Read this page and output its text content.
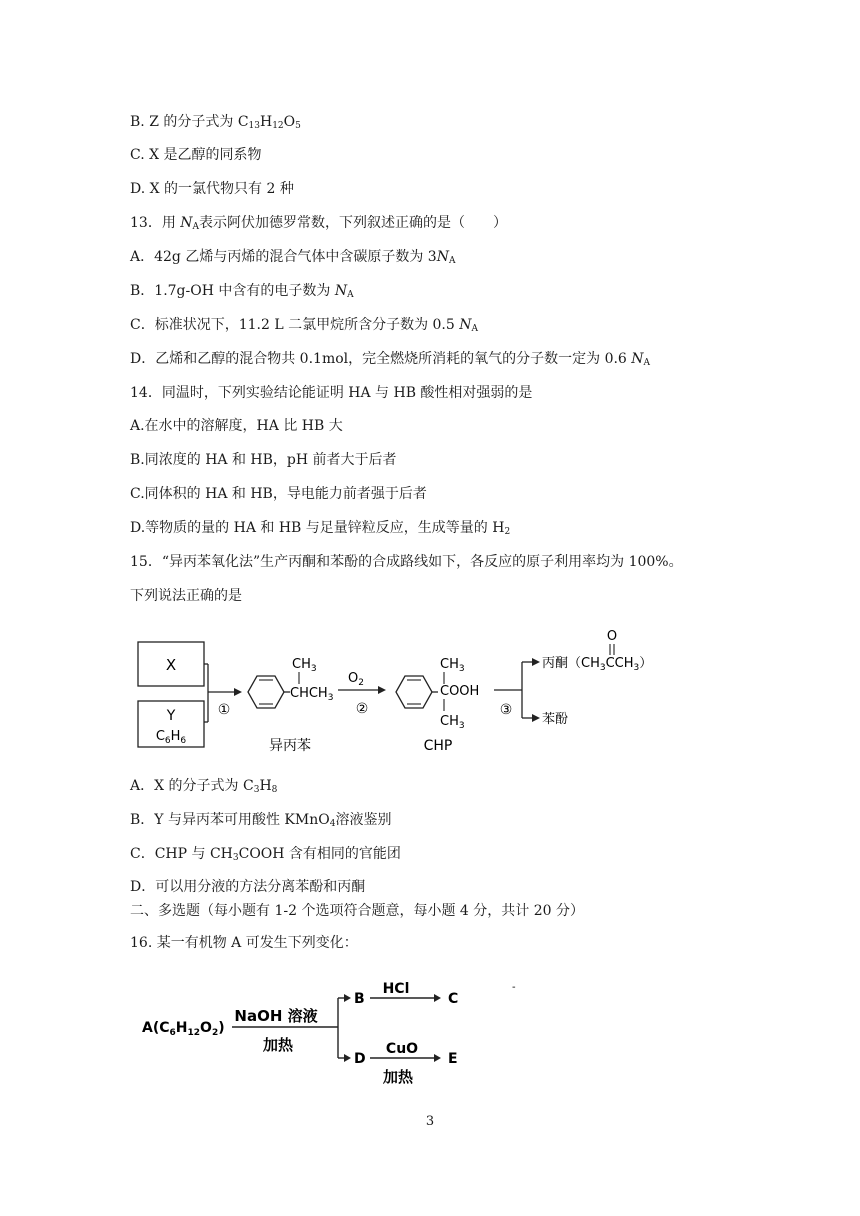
B. Z 的分子式为 $C_{13}H_{12}O_5$
C. X 是乙醇的同系物
D. X 的一氯代物只有 2 种
13．用 $N_A$表示阿伏加德罗常数，下列叙述正确的是（　　）
A．42g 乙烯与丙烯的混合气体中含碳原子数为 $3N_A$
B．1.7g-OH 中含有的电子数为 $N_A$
C．标准状况下，11.2 L 二氯甲烷所含分子数为 0.5 $N_A$
D．乙烯和乙醇的混合物共 0.1mol，完全燃烧所消耗的氧气的分子数一定为 0.6 $N_A$
14．同温时，下列实验结论能证明 HA 与 HB 酸性相对强弱的是
A.在水中的溶解度，HA 比 HB 大
B.同浓度的 HA 和 HB，pH 前者大于后者
C.同体积的 HA 和 HB，导电能力前者强于后者
D.等物质的量的 HA 和 HB 与足量锌粒反应，生成等量的 $H_2$
15．“异丙苯氧化法”生产丙酮和苯酚的合成路线如下，各反应的原子利用率均为 100%。
下列说法正确的是
X
Y
$C_6H_6$
①
$CH_3$
$CHCH_3$
异丙苯
$O_2$
②
$CH_3$
COOH
$CH_3$
CHP
③
O
丙酮$(CH_3CCH_3)$
苯酚
A．X 的分子式为 $C_3H_8$
B．Y 与异丙苯可用酸性 KMnO$_4$溶液鉴别
C．CHP 与 $CH_3COOH$ 含有相同的官能团
D．可以用分液的方法分离苯酚和丙酮
二、多选题（每小题有 1-2 个选项符合题意，每小题 4 分，共计 20 分）
16. 某一有机物 A 可发生下列变化：
$A(C_6H_{12}O_2)$
NaOH 溶液
加热
B
HCl
C
-
D
CuO
加热
E
3
